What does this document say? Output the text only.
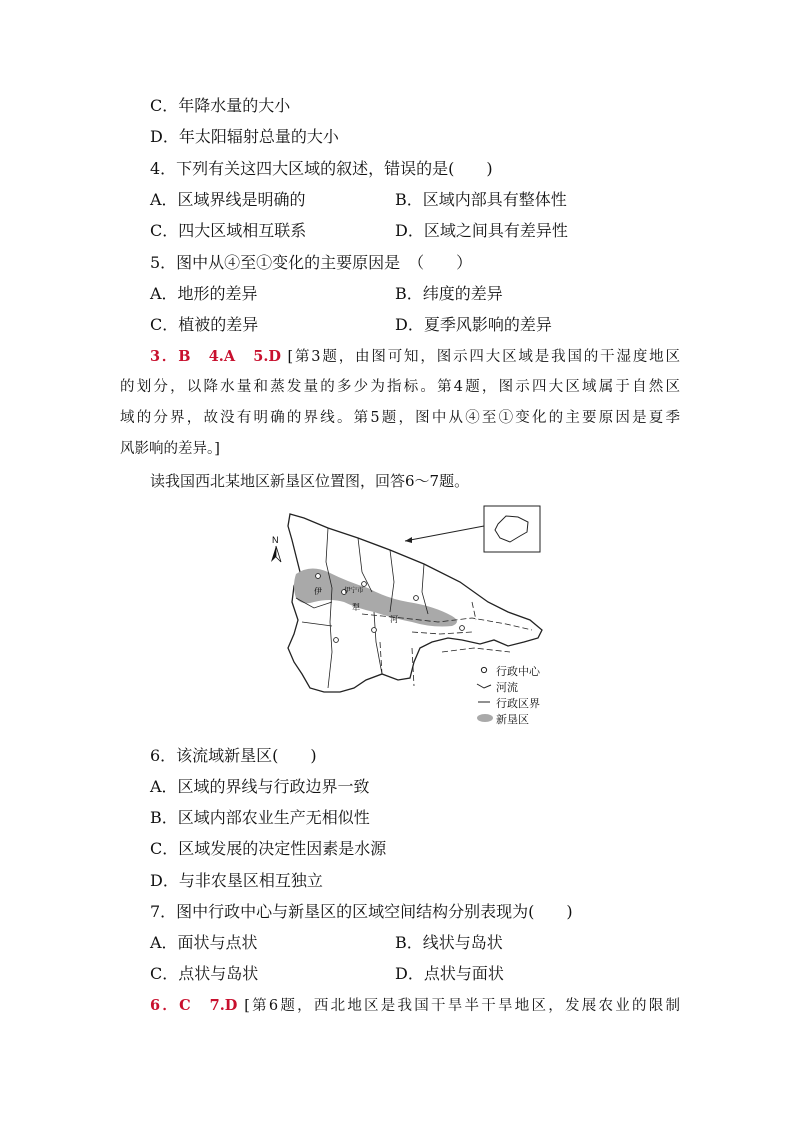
C．年降水量的大小
D．年太阳辐射总量的大小
4．下列有关这四大区域的叙述，错误的是(　　)
A．区域界线是明确的	B．区域内部具有整体性
C．四大区域相互联系	D．区域之间具有差异性
5．图中从④至①变化的主要原因是　（　　）
A．地形的差异	B．纬度的差异
C．植被的差异	D．夏季风影响的差异
3．B　4.A　5.D [第3题，由图可知，图示四大区域是我国的干湿度地区
的划分，以降水量和蒸发量的多少为指标。第4题，图示四大区域属于自然区
域的分界，故没有明确的界线。第5题，图中从④至①变化的主要原因是夏季
风影响的差异。]
读我国西北某地区新垦区位置图，回答6～7题。
N
伊
犁
河
伊宁市
行政中心
河流
行政区界
新垦区
6．该流域新垦区(　　)
A．区域的界线与行政边界一致
B．区域内部农业生产无相似性
C．区域发展的决定性因素是水源
D．与非农垦区相互独立
7．图中行政中心与新垦区的区域空间结构分别表现为(　　)
A．面状与点状	B．线状与岛状
C．点状与岛状	D．点状与面状
6．C　7.D [第6题，西北地区是我国干旱半干旱地区，发展农业的限制
